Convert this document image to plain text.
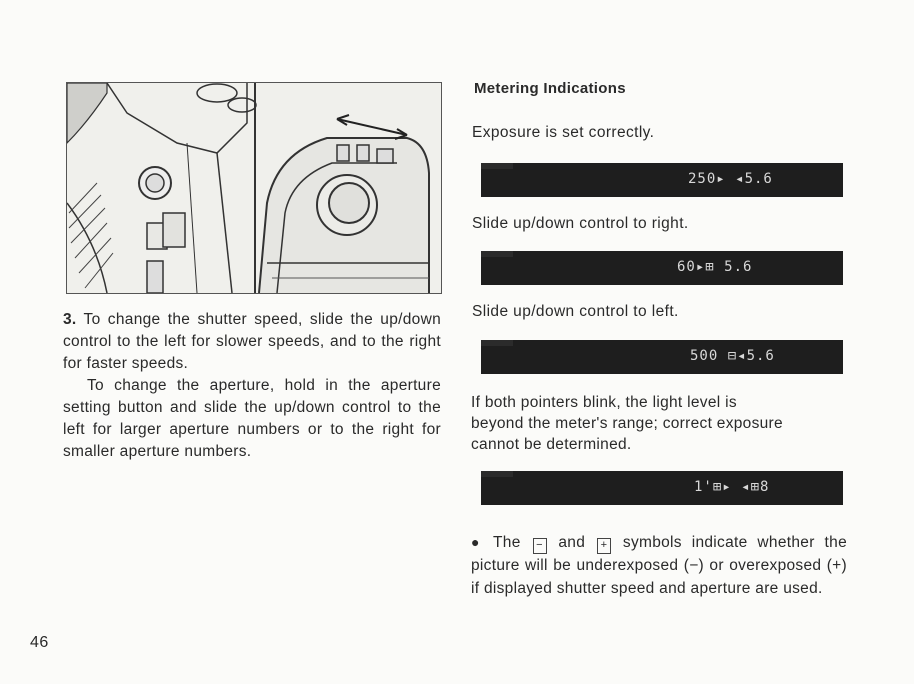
3. To change the shutter speed, slide the up/down control to the left for slower speeds, and to the right for faster speeds.

To change the aperture, hold in the aperture setting button and slide the up/down control to the left for larger aperture numbers or to the right for smaller aperture numbers.

Metering Indications
Exposure is set correctly.
250▸ ◂5.6
Slide up/down control to right.
60▸⊞ 5.6
Slide up/down control to left.
500 ⊟◂5.6
If both pointers blink, the light level is beyond the meter's range; correct exposure cannot be determined.
1'⊞▸ ◂⊞8
● The − and + symbols indicate whether the picture will be underexposed (−) or overexposed (+) if displayed shutter speed and aperture are used.
46
